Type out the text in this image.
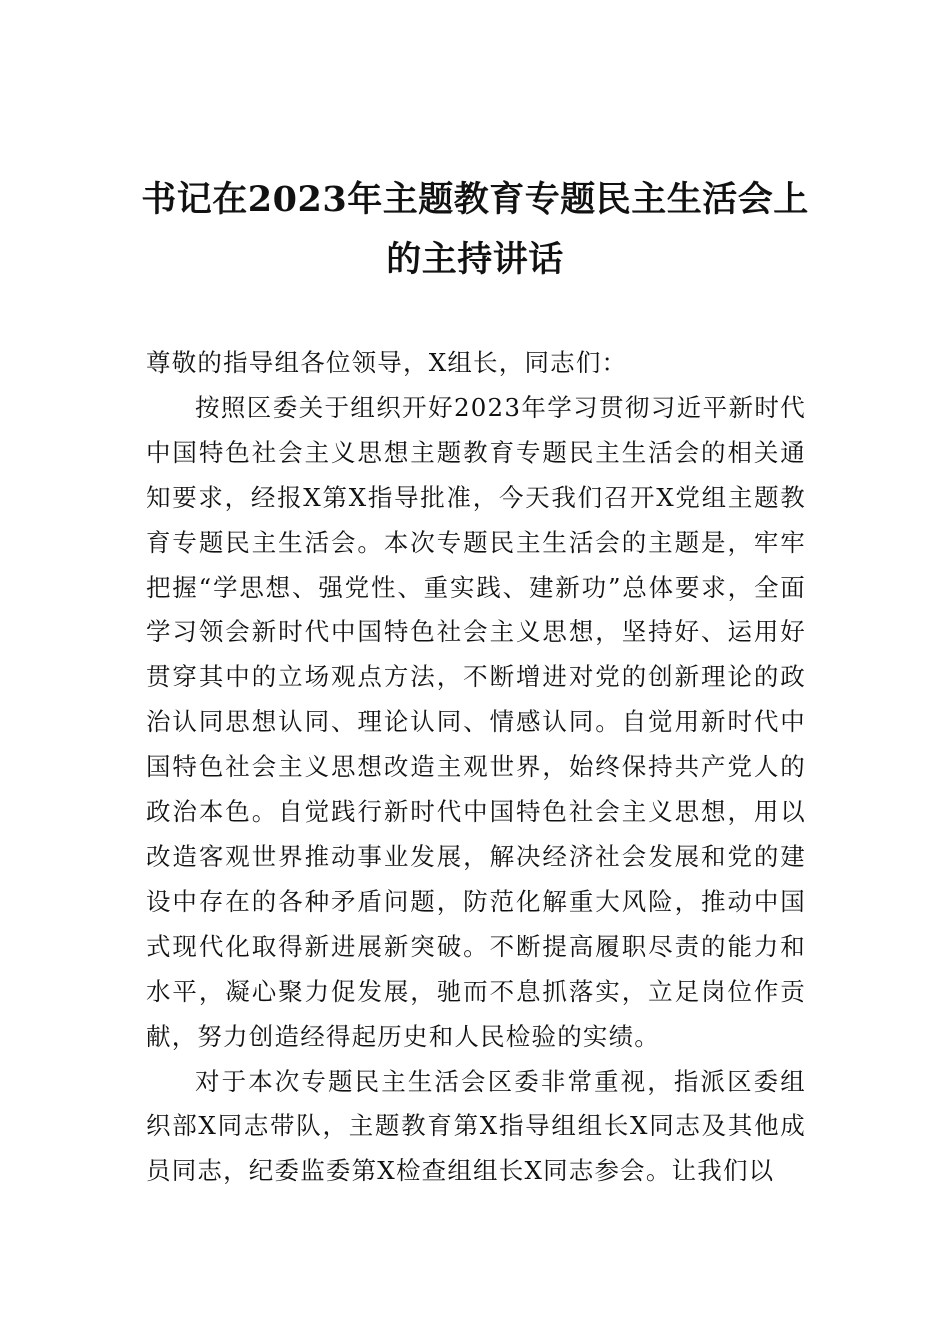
书记在2023年主题教育专题民主生活会上
的主持讲话

尊敬的指导组各位领导，X组长，同志们：

按照区委关于组织开好2023年学习贯彻习近平新时代中国特色社会主义思想主题教育专题民主生活会的相关通知要求，经报X第X指导批准，今天我们召开X党组主题教育专题民主生活会。本次专题民主生活会的主题是，牢牢把握“学思想、强党性、重实践、建新功”总体要求，全面学习领会新时代中国特色社会主义思想，坚持好、运用好贯穿其中的立场观点方法，不断增进对党的创新理论的政治认同思想认同、理论认同、情感认同。自觉用新时代中国特色社会主义思想改造主观世界，始终保持共产党人的政治本色。自觉践行新时代中国特色社会主义思想，用以改造客观世界推动事业发展，解决经济社会发展和党的建设中存在的各种矛盾问题，防范化解重大风险，推动中国式现代化取得新进展新突破。不断提高履职尽责的能力和水平，凝心聚力促发展，驰而不息抓落实，立足岗位作贡献，努力创造经得起历史和人民检验的实绩。

对于本次专题民主生活会区委非常重视，指派区委组织部X同志带队，主题教育第X指导组组长X同志及其他成员同志，纪委监委第X检查组组长X同志参会。让我们以
